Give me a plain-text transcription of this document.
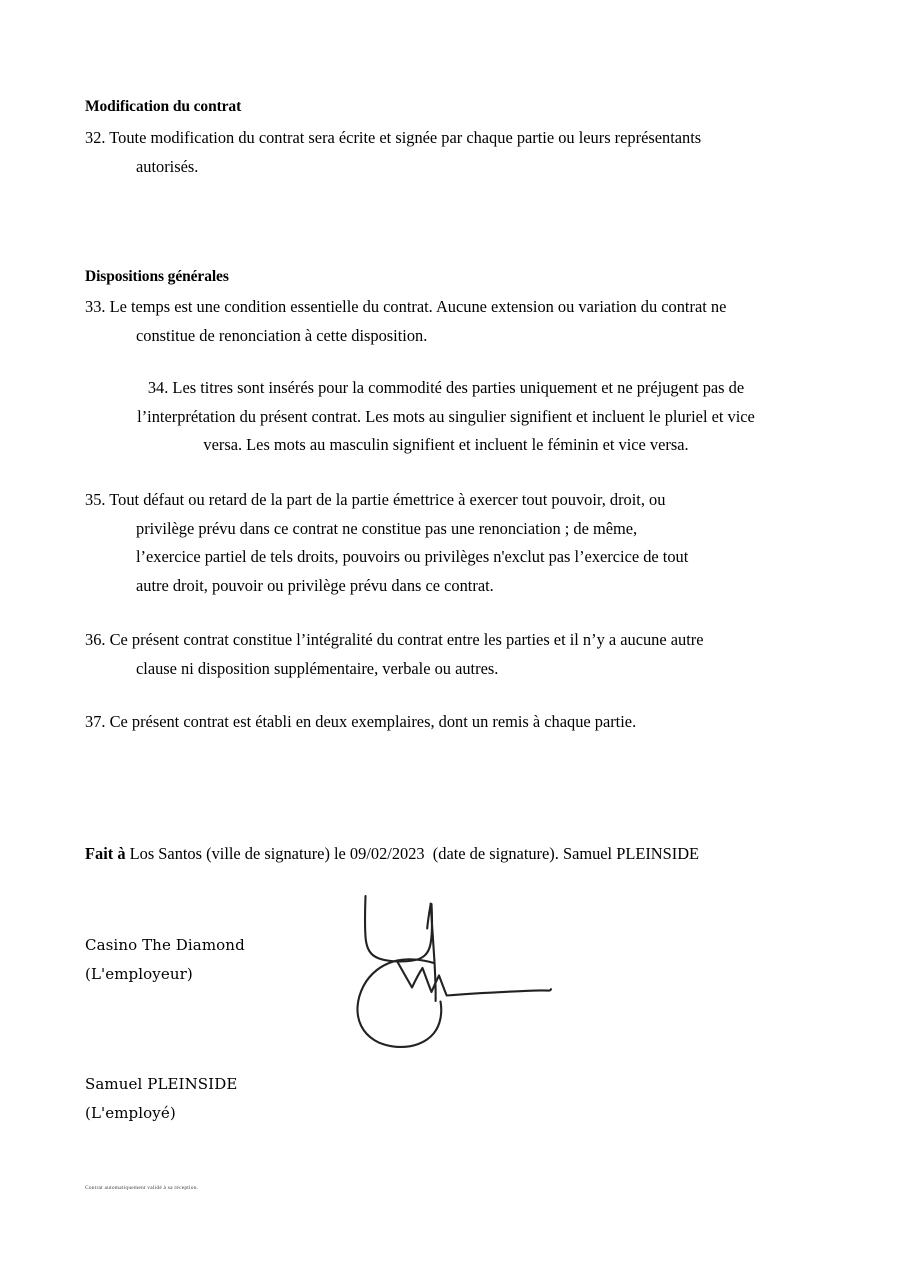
Modification du contrat
32. Toute modification du contrat sera écrite et signée par chaque partie ou leurs représentants
autorisés.
Dispositions générales
33. Le temps est une condition essentielle du contrat. Aucune extension ou variation du contrat ne
constitue de renonciation à cette disposition.
34. Les titres sont insérés pour la commodité des parties uniquement et ne préjugent pas de
l’interprétation du présent contrat. Les mots au singulier signifient et incluent le pluriel et vice
versa. Les mots au masculin signifient et incluent le féminin et vice versa.
35. Tout défaut ou retard de la part de la partie émettrice à exercer tout pouvoir, droit, ou
privilège prévu dans ce contrat ne constitue pas une renonciation ; de même,
l’exercice partiel de tels droits, pouvoirs ou privilèges n'exclut pas l’exercice de tout
autre droit, pouvoir ou privilège prévu dans ce contrat.
36. Ce présent contrat constitue l’intégralité du contrat entre les parties et il n’y a aucune autre
clause ni disposition supplémentaire, verbale ou autres.
37. Ce présent contrat est établi en deux exemplaires, dont un remis à chaque partie.
Fait à Los Santos (ville de signature) le 09/02/2023  (date de signature). Samuel PLEINSIDE
Casino The Diamond
(L'employeur)
Samuel PLEINSIDE
(L'employé)
Contrat automatiquement validé à sa réception.
